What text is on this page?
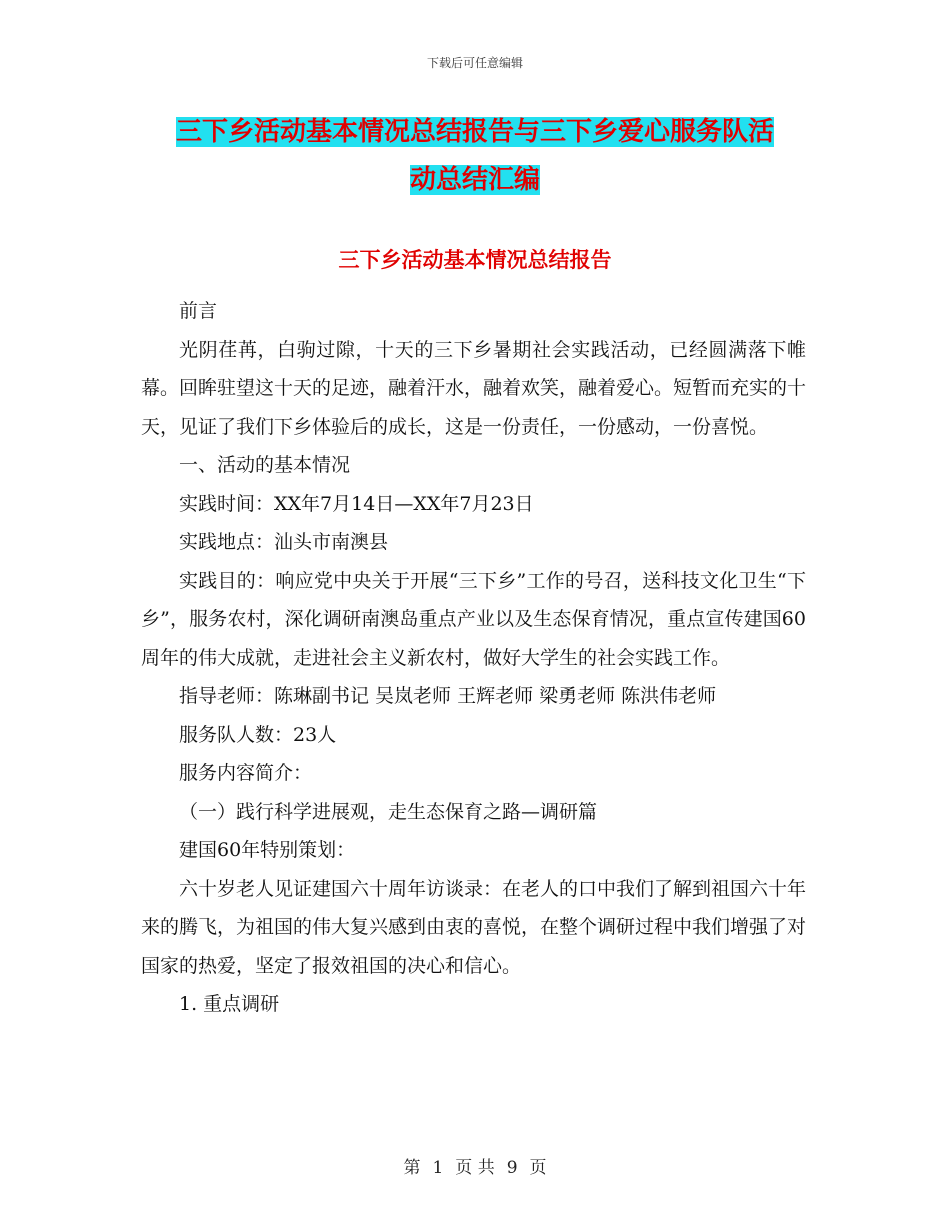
下载后可任意编辑
三下乡活动基本情况总结报告与三下乡爱心服务队活
动总结汇编
三下乡活动基本情况总结报告

前言

光阴荏苒，白驹过隙，十天的三下乡暑期社会实践活动，已经圆满落下帷幕。回眸驻望这十天的足迹，融着汗水，融着欢笑，融着爱心。短暂而充实的十天，见证了我们下乡体验后的成长，这是一份责任，一份感动，一份喜悦。

一、活动的基本情况

实践时间：XX年7月14日—XX年7月23日

实践地点：汕头市南澳县

实践目的：响应党中央关于开展“三下乡”工作的号召，送科技文化卫生“下乡”，服务农村，深化调研南澳岛重点产业以及生态保育情况，重点宣传建国60周年的伟大成就，走进社会主义新农村，做好大学生的社会实践工作。

指导老师：陈琳副书记 吴岚老师 王辉老师 梁勇老师 陈洪伟老师

服务队人数：23人

服务内容简介：

（一）践行科学进展观，走生态保育之路—调研篇

建国60年特别策划：

六十岁老人见证建国六十周年访谈录：在老人的口中我们了解到祖国六十年来的腾飞，为祖国的伟大复兴感到由衷的喜悦，在整个调研过程中我们增强了对国家的热爱，坚定了报效祖国的决心和信心。

1. 重点调研

第 1 页 共 9 页
